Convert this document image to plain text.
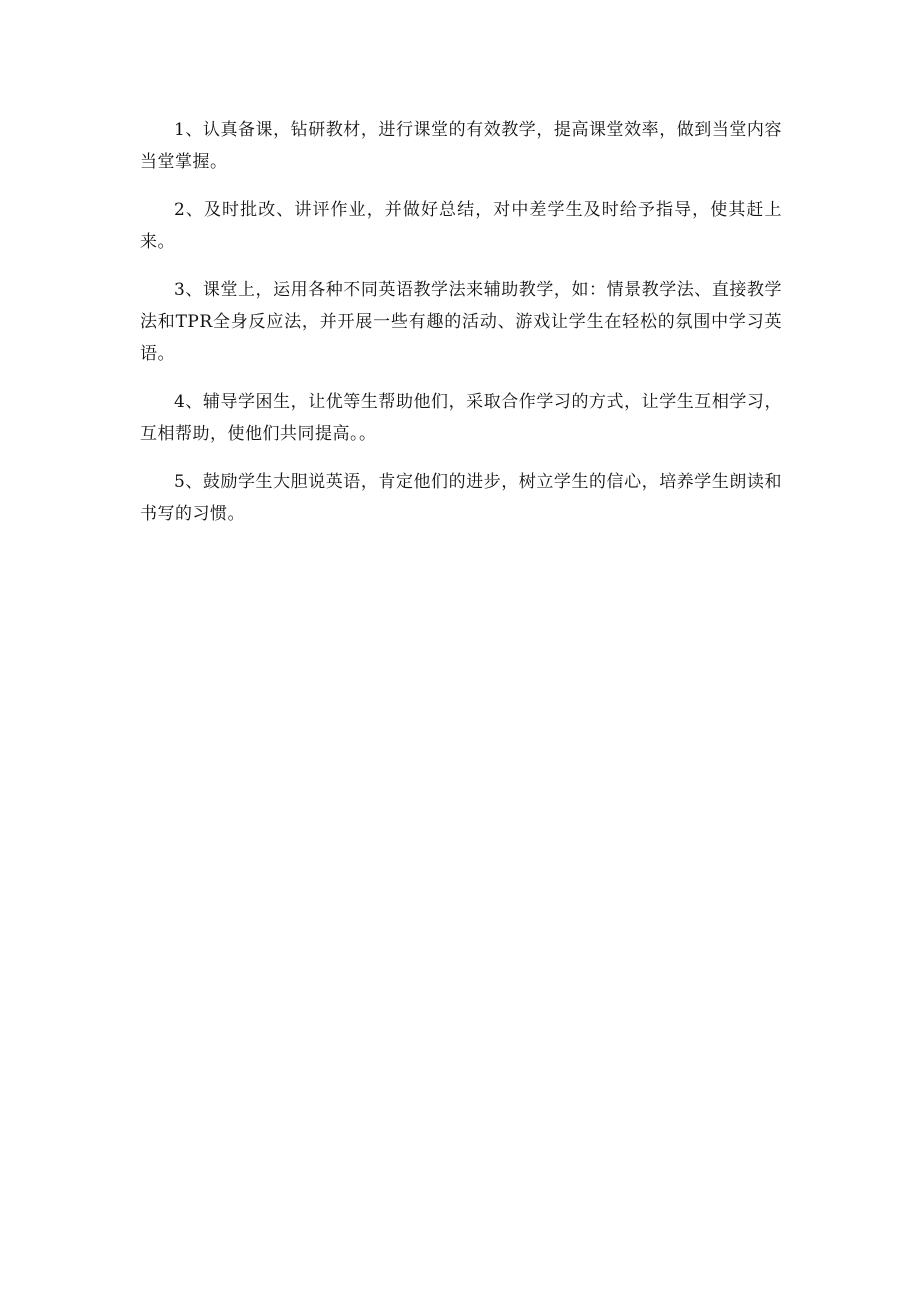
1、认真备课，钻研教材，进行课堂的有效教学，提高课堂效率，做到当堂内容当堂掌握。

2、及时批改、讲评作业，并做好总结，对中差学生及时给予指导，使其赶上来。

3、课堂上，运用各种不同英语教学法来辅助教学，如：情景教学法、直接教学法和TPR全身反应法，并开展一些有趣的活动、游戏让学生在轻松的氛围中学习英语。

4、辅导学困生，让优等生帮助他们，采取合作学习的方式，让学生互相学习，互相帮助，使他们共同提高。。

5、鼓励学生大胆说英语，肯定他们的进步，树立学生的信心，培养学生朗读和书写的习惯。
